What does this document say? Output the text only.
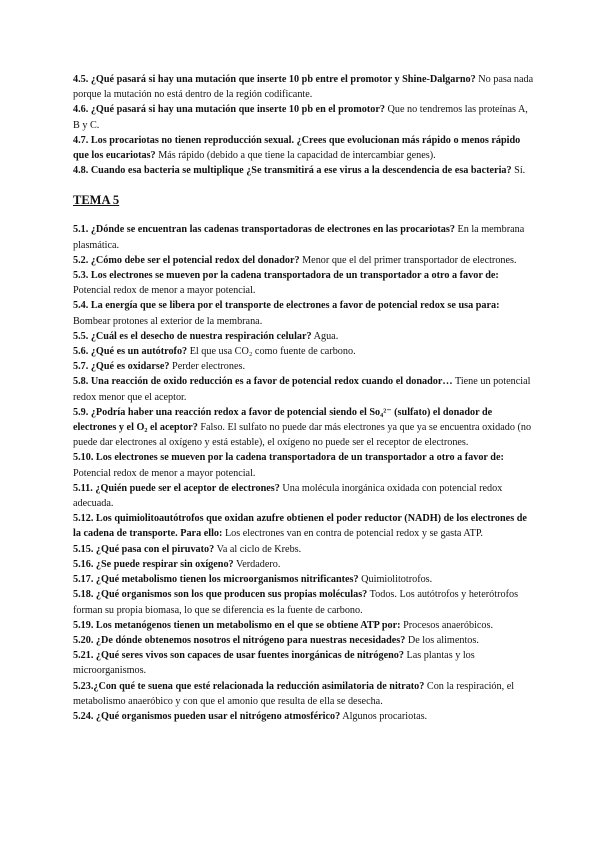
4.5. ¿Qué pasará si hay una mutación que inserte 10 pb entre el promotor y Shine-Dalgarno? No pasa nada porque la mutación no está dentro de la región codificante.

4.6. ¿Qué pasará si hay una mutación que inserte 10 pb en el promotor? Que no tendremos las proteínas A, B y C.

4.7. Los procariotas no tienen reproducción sexual. ¿Crees que evolucionan más rápido o menos rápido que los eucariotas? Más rápido (debido a que tiene la capacidad de intercambiar genes).

4.8. Cuando esa bacteria se multiplique ¿Se transmitirá a ese virus a la descendencia de esa bacteria? Sí.

TEMA 5

5.1. ¿Dónde se encuentran las cadenas transportadoras de electrones en las procariotas? En la membrana plasmática.

5.2. ¿Cómo debe ser el potencial redox del donador? Menor que el del primer transportador de electrones.

5.3. Los electrones se mueven por la cadena transportadora de un transportador a otro a favor de: Potencial redox de menor a mayor potencial.

5.4. La energía que se libera por el transporte de electrones a favor de potencial redox se usa para: Bombear protones al exterior de la membrana.

5.5. ¿Cuál es el desecho de nuestra respiración celular? Agua.

5.6. ¿Qué es un autótrofo? El que usa CO₂ como fuente de carbono.

5.7. ¿Qué es oxidarse? Perder electrones.

5.8. Una reacción de oxido reducción es a favor de potencial redox cuando el donador… Tiene un potencial redox menor que el aceptor.

5.9. ¿Podría haber una reacción redox a favor de potencial siendo el So₄²⁻ (sulfato) el donador de electrones y el O₂ el aceptor? Falso. El sulfato no puede dar más electrones ya que ya se encuentra oxidado (no puede dar electrones al oxígeno y está estable), el oxígeno no puede ser el receptor de electrones.

5.10. Los electrones se mueven por la cadena transportadora de un transportador a otro a favor de: Potencial redox de menor a mayor potencial.

5.11. ¿Quién puede ser el aceptor de electrones? Una molécula inorgánica oxidada con potencial redox adecuada.

5.12. Los quimiolitoautótrofos que oxidan azufre obtienen el poder reductor (NADH) de los electrones de la cadena de transporte. Para ello: Los electrones van en contra de potencial redox y se gasta ATP.

5.15. ¿Qué pasa con el piruvato? Va al ciclo de Krebs.

5.16. ¿Se puede respirar sin oxígeno? Verdadero.

5.17. ¿Qué metabolismo tienen los microorganismos nitrificantes? Quimiolitotrofos.

5.18. ¿Qué organismos son los que producen sus propias moléculas? Todos. Los autótrofos y heterótrofos forman su propia biomasa, lo que se diferencia es la fuente de carbono.

5.19. Los metanógenos tienen un metabolismo en el que se obtiene ATP por: Procesos anaeróbicos.

5.20. ¿De dónde obtenemos nosotros el nitrógeno para nuestras necesidades? De los alimentos.

5.21. ¿Qué seres vivos son capaces de usar fuentes inorgánicas de nitrógeno? Las plantas y los microorganismos.

5.23.¿Con qué te suena que esté relacionada la reducción asimilatoria de nitrato? Con la respiración, el metabolismo anaeróbico y con que el amonio que resulta de ella se desecha.

5.24. ¿Qué organismos pueden usar el nitrógeno atmosférico? Algunos procariotas.
